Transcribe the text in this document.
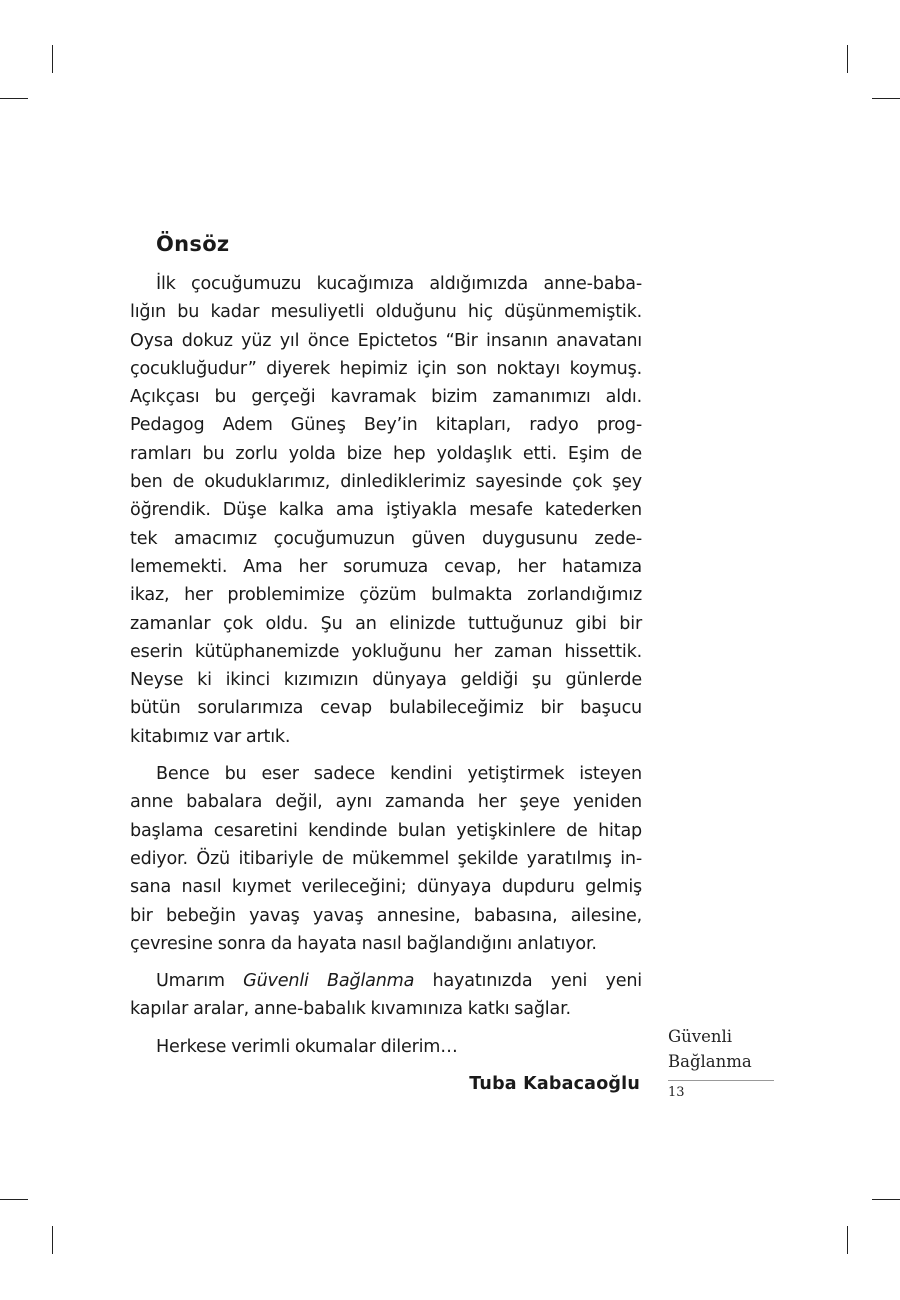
Önsöz
İlk çocuğumuzu kucağımıza aldığımızda anne-baba-
lığın bu kadar mesuliyetli olduğunu hiç düşünmemiştik.
Oysa dokuz yüz yıl önce Epictetos “Bir insanın anavatanı
çocukluğudur” diyerek hepimiz için son noktayı koymuş.
Açıkçası bu gerçeği kavramak bizim zamanımızı aldı.
Pedagog Adem Güneş Bey’in kitapları, radyo prog-
ramları bu zorlu yolda bize hep yoldaşlık etti. Eşim de
ben de okuduklarımız, dinlediklerimiz sayesinde çok şey
öğrendik. Düşe kalka ama iştiyakla mesafe katederken
tek amacımız çocuğumuzun güven duygusunu zede-
lememekti. Ama her sorumuza cevap, her hatamıza
ikaz, her problemimize çözüm bulmakta zorlandığımız
zamanlar çok oldu. Şu an elinizde tuttuğunuz gibi bir
eserin kütüphanemizde yokluğunu her zaman hissettik.
Neyse ki ikinci kızımızın dünyaya geldiği şu günlerde
bütün sorularımıza cevap bulabileceğimiz bir başucu
kitabımız var artık.
Bence bu eser sadece kendini yetiştirmek isteyen
anne babalara değil, aynı zamanda her şeye yeniden
başlama cesaretini kendinde bulan yetişkinlere de hitap
ediyor. Özü itibariyle de mükemmel şekilde yaratılmış in-
sana nasıl kıymet verileceğini; dünyaya dupduru gelmiş
bir bebeğin yavaş yavaş annesine, babasına, ailesine,
çevresine sonra da hayata nasıl bağlandığını anlatıyor.
Umarım Güvenli Bağlanma hayatınızda yeni yeni
kapılar aralar, anne-babalık kıvamınıza katkı sağlar.
Herkese verimli okumalar dilerim…
Tuba Kabacaoğlu
Güvenli
Bağlanma
13
